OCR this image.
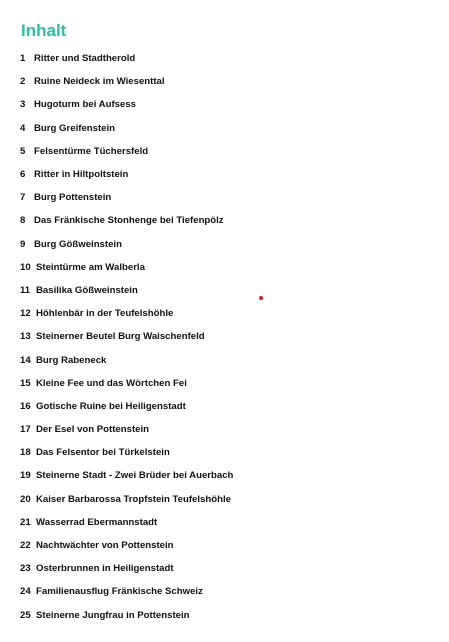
Inhalt
1 Ritter und Stadtherold
2 Ruine Neideck im Wiesenttal
3 Hugoturm bei Aufsess
4 Burg Greifenstein
5 Felsentürme Tüchersfeld
6 Ritter in Hiltpoltstein
7 Burg Pottenstein
8 Das Fränkische Stonhenge bei Tiefenpölz
9 Burg Gößweinstein
10 Steintürme am Walberla
11 Basilika Gößweinstein
12 Höhlenbär in der Teufelshöhle
13 Steinerner Beutel Burg Waischenfeld
14 Burg Rabeneck
15 Kleine Fee und das Wörtchen Fei
16 Gotische Ruine bei Heiligenstadt
17 Der Esel von Pottenstein
18 Das Felsentor bei Türkelstein
19 Steinerne Stadt - Zwei Brüder bei Auerbach
20 Kaiser Barbarossa Tropfstein Teufelshöhle
21 Wasserrad Ebermannstadt
22 Nachtwächter von Pottenstein
23 Osterbrunnen in Heiligenstadt
24 Familienausflug Fränkische Schweiz
25 Steinerne Jungfrau in Pottenstein
